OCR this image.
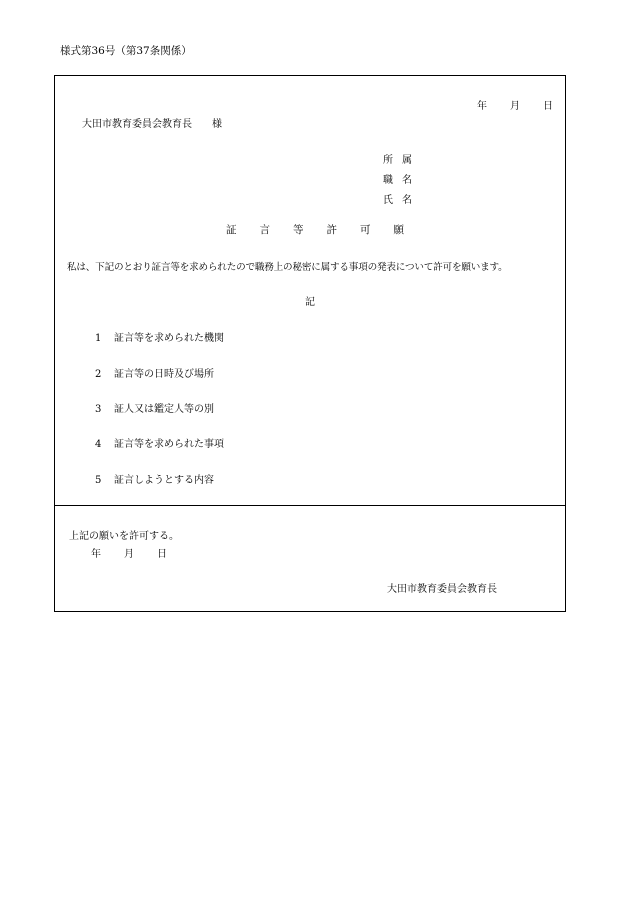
様式第36号（第37条関係）
年 月 日
大田市教育委員会教育長　　様
所 属
職 名
氏 名
証 言 等 許 可 願
私は、下記のとおり証言等を求められたので職務上の秘密に属する事項の発表について許可を願います。
記
1 証言等を求められた機関
2 証言等の日時及び場所
3 証人又は鑑定人等の別
4 証言等を求められた事項
5 証言しようとする内容
上記の願いを許可する。
年 月 日
大田市教育委員会教育長
